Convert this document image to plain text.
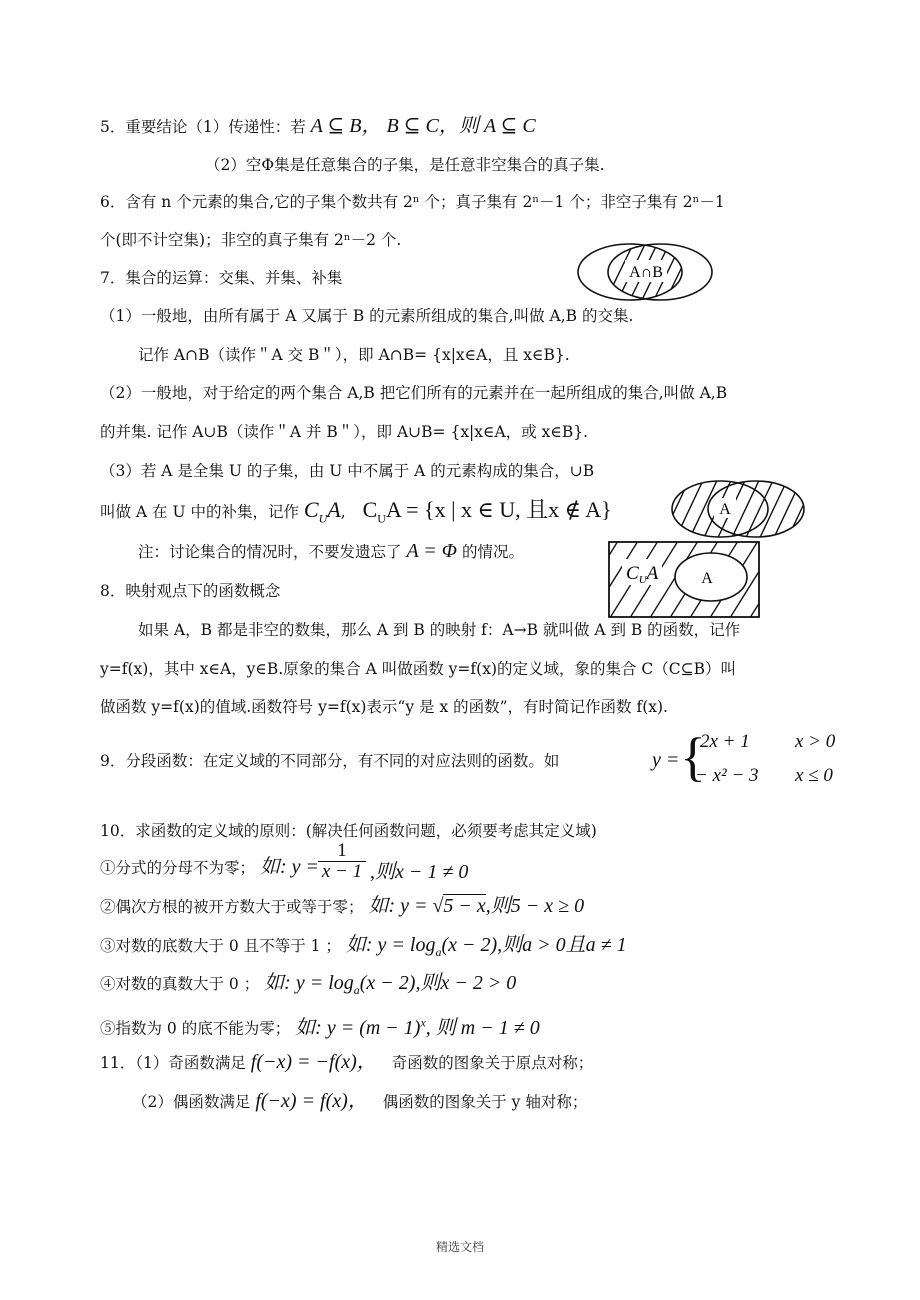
5．重要结论（1）传递性：若 A ⊆ B， B ⊆ C，则 A ⊆ C
（2）空Φ集是任意集合的子集，是任意非空集合的真子集.
6．含有 n 个元素的集合,它的子集个数共有 2ⁿ 个；真子集有 2ⁿ－1 个；非空子集有 2ⁿ－1
个(即不计空集)；非空的真子集有 2ⁿ－2 个.
7．集合的运算：交集、并集、补集	A∩B
（1）一般地，由所有属于 A 又属于 B 的元素所组成的集合,叫做 A,B 的交集.
记作 A∩B（读作＂A 交 B＂），即 A∩B= {x|x∈A，且 x∈B}.
（2）一般地，对于给定的两个集合 A,B 把它们所有的元素并在一起所组成的集合,叫做 A,B
的并集. 记作 A∪B（读作＂A 并 B＂），即 A∪B= {x|x∈A，或 x∈B}.
（3）若 A 是全集 U 的子集，由 U 中不属于 A 的元素构成的集合，∪B
叫做 A 在 U 中的补集，记作 $C_UA$, $C_UA = \{x$ | x ∈ U, 且x ∉ A}	A
注：讨论集合的情况时，不要发遗忘了 A = Φ 的情况。
$C_UA$	A
8．映射观点下的函数概念
如果 A，B 都是非空的数集，那么 A 到 B 的映射 f：A→B 就叫做 A 到 B 的函数，记作
y=f(x)，其中 x∈A，y∈B.原象的集合 A 叫做函数 y=f(x)的定义域，象的集合 C（C⊆B）叫
做函数 y=f(x)的值域.函数符号 y=f(x)表示“y 是 x 的函数”，有时简记作函数 f(x).
9．分段函数：在定义域的不同部分，有不同的对应法则的函数。如	y = {
2x + 1 x > 0
− x² − 3 x ≤ 0
10．求函数的定义域的原则：(解决任何函数问题，必须要考虑其定义域)
①分式的分母不为零； 如: y =
1
x − 1 ,则x − 1 ≠ 0
②偶次方根的被开方数大于或等于零； 如: y = √5 − x,则5 − x ≥ 0
③对数的底数大于 0 且不等于 1 ； 如: $y = \log_a(x - 2)$,则a > 0且a ≠ 1
④对数的真数大于 0 ； 如: $y = \log_a(x - 2)$,则x − 2 > 0
⑤指数为 0 的底不能为零； 如: $y = (m - 1)^x$, 则 m − 1 ≠ 0
11．（1）奇函数满足 f(−x) = −f(x)， 奇函数的图象关于原点对称；
（2）偶函数满足 f(−x) = f(x)， 偶函数的图象关于 y 轴对称；
精选文档
